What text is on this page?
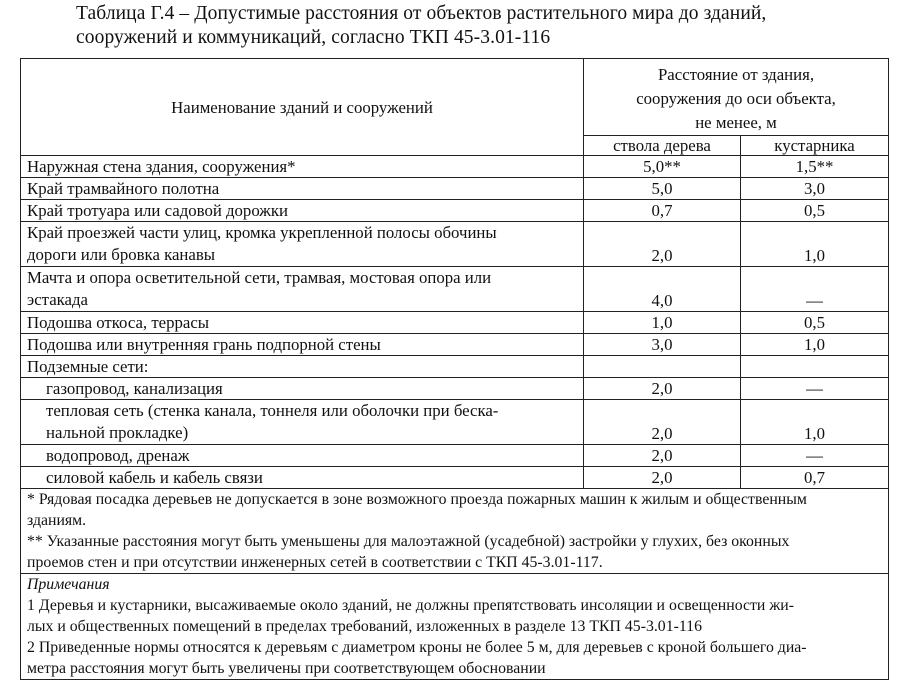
Таблица Г.4 – Допустимые расстояния от объектов растительного мира до зданий,
сооружений и коммуникаций, согласно ТКП 45-3.01-116
Наименование зданий и сооружений	Расстояние от здания,
сооружения до оси объекта,
не менее, м	

	ствола дерева	кустарника
Наружная стена здания, сооружения*	5,0**	1,5**
Край трамвайного полотна	5,0	3,0
Край тротуара или садовой дорожки	0,7	0,5

Край проезжей части улиц, кромка укрепленной полосы обочины
дороги или бровка канавы	2,0	1,0

Мачта и опора осветительной сети, трамвая, мостовая опора или
эстакада	4,0	—
Подошва откоса, террасы	1,0	0,5
Подошва или внутренняя грань подпорной стены	3,0	1,0
Подземные сети:		
газопровод, канализация	2,0	—

тепловая сеть (стенка канала, тоннеля или оболочки при беска-
нальной прокладке)	2,0	1,0
водопровод, дренаж	2,0	—
силовой кабель и кабель связи	2,0	0,7

* Рядовая посадка деревьев не допускается в зоне возможного проезда пожарных машин к жилым и общественным
зданиям.
** Указанные расстояния могут быть уменьшены для малоэтажной (усадебной) застройки у глухих, без оконных
проемов стен и при отсутствии инженерных сетей в соответствии с ТКП 45-3.01-117.		

Примечания
1 Деревья и кустарники, высаживаемые около зданий, не должны препятствовать инсоляции и освещенности жи-
лых и общественных помещений в пределах требований, изложенных в разделе 13 ТКП 45-3.01-116
2 Приведенные нормы относятся к деревьям с диаметром кроны не более 5 м, для деревьев с кроной большего диа-
метра расстояния могут быть увеличены при соответствующем обосновании		
